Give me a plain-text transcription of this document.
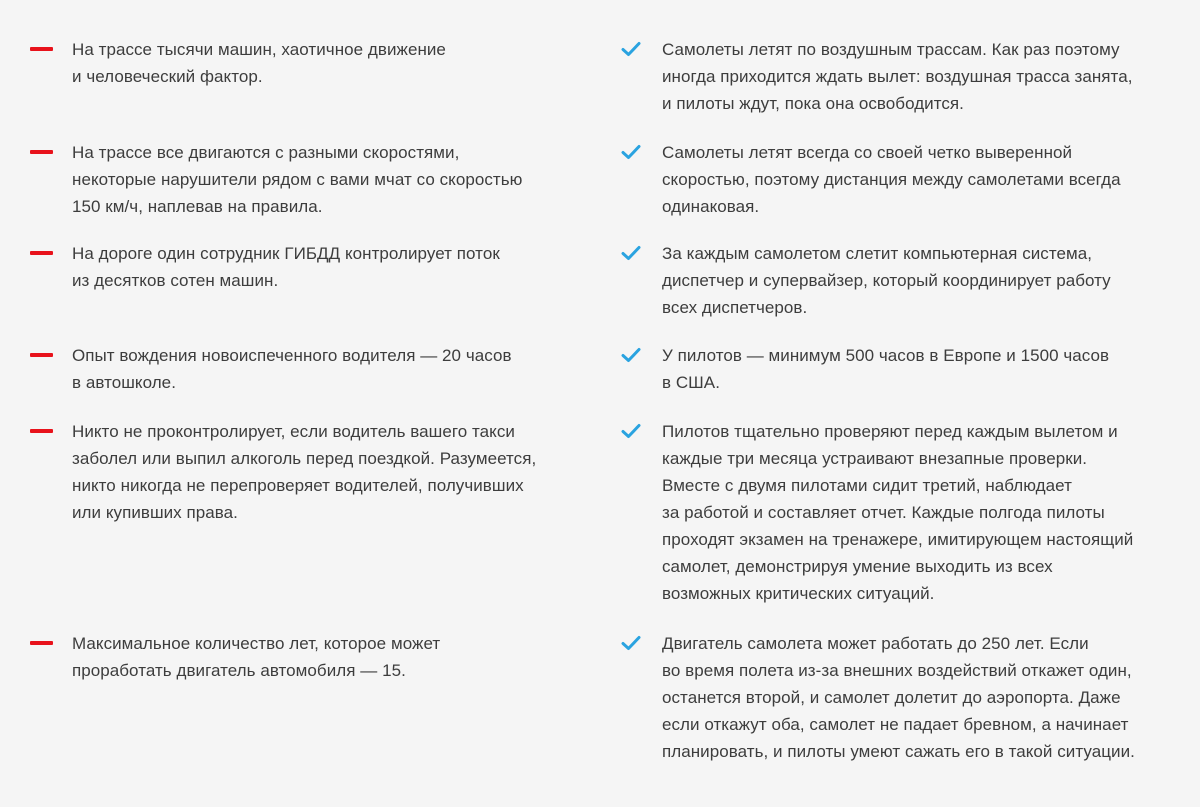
На трассе тысячи машин, хаотичное движение
и человеческий фактор.
Самолеты летят по воздушным трассам. Как раз поэтому
иногда приходится ждать вылет: воздушная трасса занята,
и пилоты ждут, пока она освободится.
На трассе все двигаются с разными скоростями,
некоторые нарушители рядом с вами мчат со скоростью
150 км/ч, наплевав на правила.
Самолеты летят всегда со своей четко выверенной
скоростью, поэтому дистанция между самолетами всегда
одинаковая.
На дороге один сотрудник ГИБДД контролирует поток
из десятков сотен машин.
За каждым самолетом слетит компьютерная система,
диспетчер и супервайзер, который координирует работу
всех диспетчеров.
Опыт вождения новоиспеченного водителя — 20 часов
в автошколе.
У пилотов — минимум 500 часов в Европе и 1500 часов
в США.
Никто не проконтролирует, если водитель вашего такси
заболел или выпил алкоголь перед поездкой. Разумеется,
никто никогда не перепроверяет водителей, получивших
или купивших права.
Пилотов тщательно проверяют перед каждым вылетом и
каждые три месяца устраивают внезапные проверки.
Вместе с двумя пилотами сидит третий, наблюдает
за работой и составляет отчет. Каждые полгода пилоты
проходят экзамен на тренажере, имитирующем настоящий
самолет, демонстрируя умение выходить из всех
возможных критических ситуаций.
Максимальное количество лет, которое может
проработать двигатель автомобиля — 15.
Двигатель самолета может работать до 250 лет. Если
во время полета из-за внешних воздействий откажет один,
останется второй, и самолет долетит до аэропорта. Даже
если откажут оба, самолет не падает бревном, а начинает
планировать, и пилоты умеют сажать его в такой ситуации.
